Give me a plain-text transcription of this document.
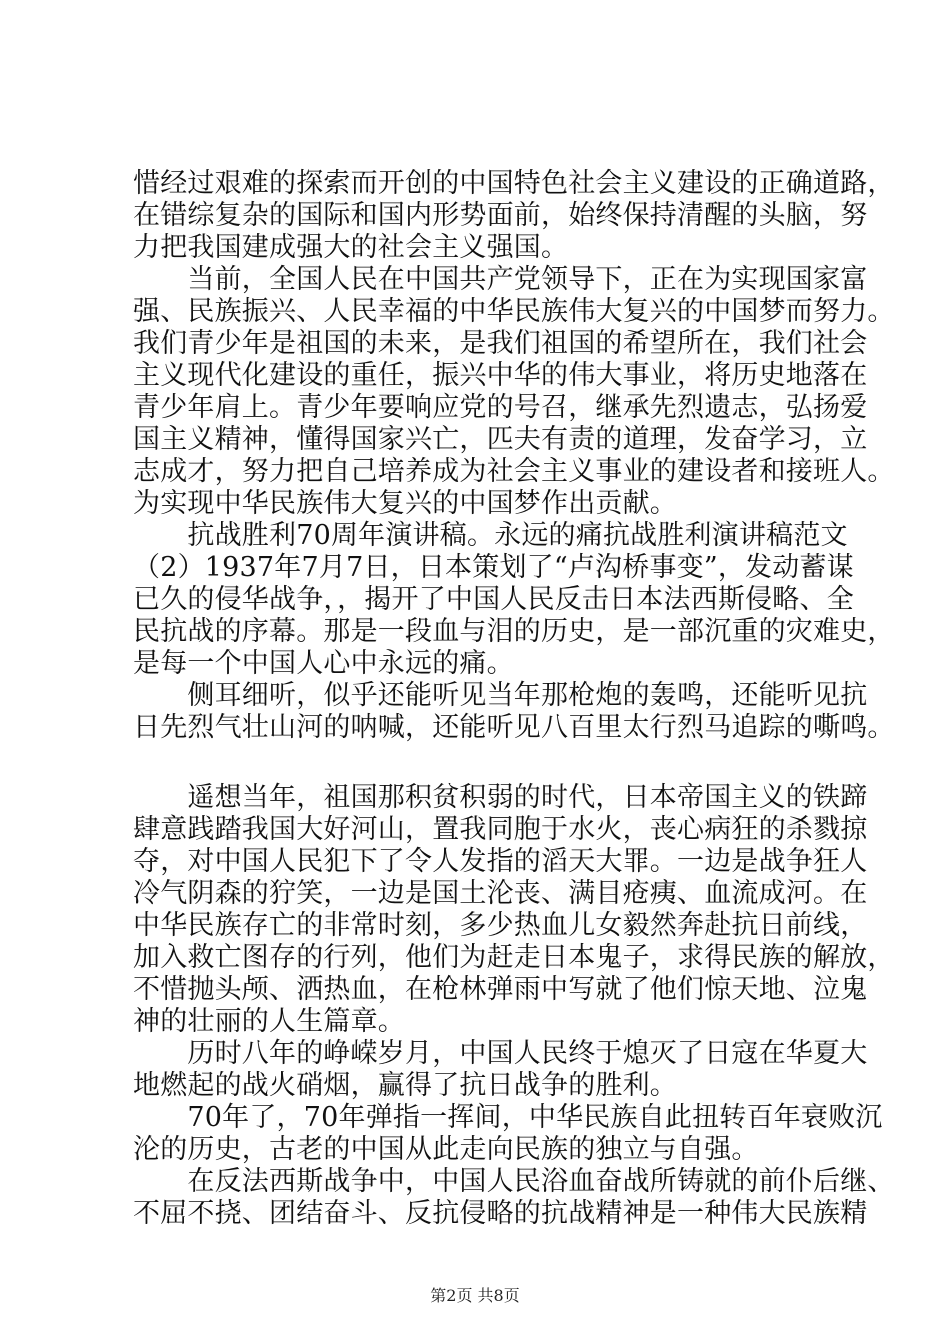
惜经过艰难的探索而开创的中国特色社会主义建设的正确道路，
在错综复杂的国际和国内形势面前，始终保持清醒的头脑，努
力把我国建成强大的社会主义强国。
　　当前，全国人民在中国共产党领导下，正在为实现国家富
强、民族振兴、人民幸福的中华民族伟大复兴的中国梦而努力。
我们青少年是祖国的未来，是我们祖国的希望所在，我们社会
主义现代化建设的重任，振兴中华的伟大事业，将历史地落在
青少年肩上。青少年要响应党的号召，继承先烈遗志，弘扬爱
国主义精神，懂得国家兴亡，匹夫有责的道理，发奋学习，立
志成才，努力把自己培养成为社会主义事业的建设者和接班人。
为实现中华民族伟大复兴的中国梦作出贡献。
　　抗战胜利70周年演讲稿。永远的痛抗战胜利演讲稿范文
（2）1937年7月7日，日本策划了“卢沟桥事变”，发动蓄谋
已久的侵华战争，，揭开了中国人民反击日本法西斯侵略、全
民抗战的序幕。那是一段血与泪的历史，是一部沉重的灾难史，
是每一个中国人心中永远的痛。
　　侧耳细听，似乎还能听见当年那枪炮的轰鸣，还能听见抗
日先烈气壮山河的呐喊，还能听见八百里太行烈马追踪的嘶鸣。
　　遥想当年，祖国那积贫积弱的时代，日本帝国主义的铁蹄
肆意践踏我国大好河山，置我同胞于水火，丧心病狂的杀戮掠
夺，对中国人民犯下了令人发指的滔天大罪。一边是战争狂人
冷气阴森的狞笑，一边是国土沦丧、满目疮痍、血流成河。在
中华民族存亡的非常时刻，多少热血儿女毅然奔赴抗日前线，
加入救亡图存的行列，他们为赶走日本鬼子，求得民族的解放，
不惜抛头颅、洒热血，在枪林弹雨中写就了他们惊天地、泣鬼
神的壮丽的人生篇章。
　　历时八年的峥嵘岁月，中国人民终于熄灭了日寇在华夏大
地燃起的战火硝烟，赢得了抗日战争的胜利。
　　70年了，70年弹指一挥间，中华民族自此扭转百年衰败沉
沦的历史，古老的中国从此走向民族的独立与自强。
　　在反法西斯战争中，中国人民浴血奋战所铸就的前仆后继、
不屈不挠、团结奋斗、反抗侵略的抗战精神是一种伟大民族精
第2页 共8页
